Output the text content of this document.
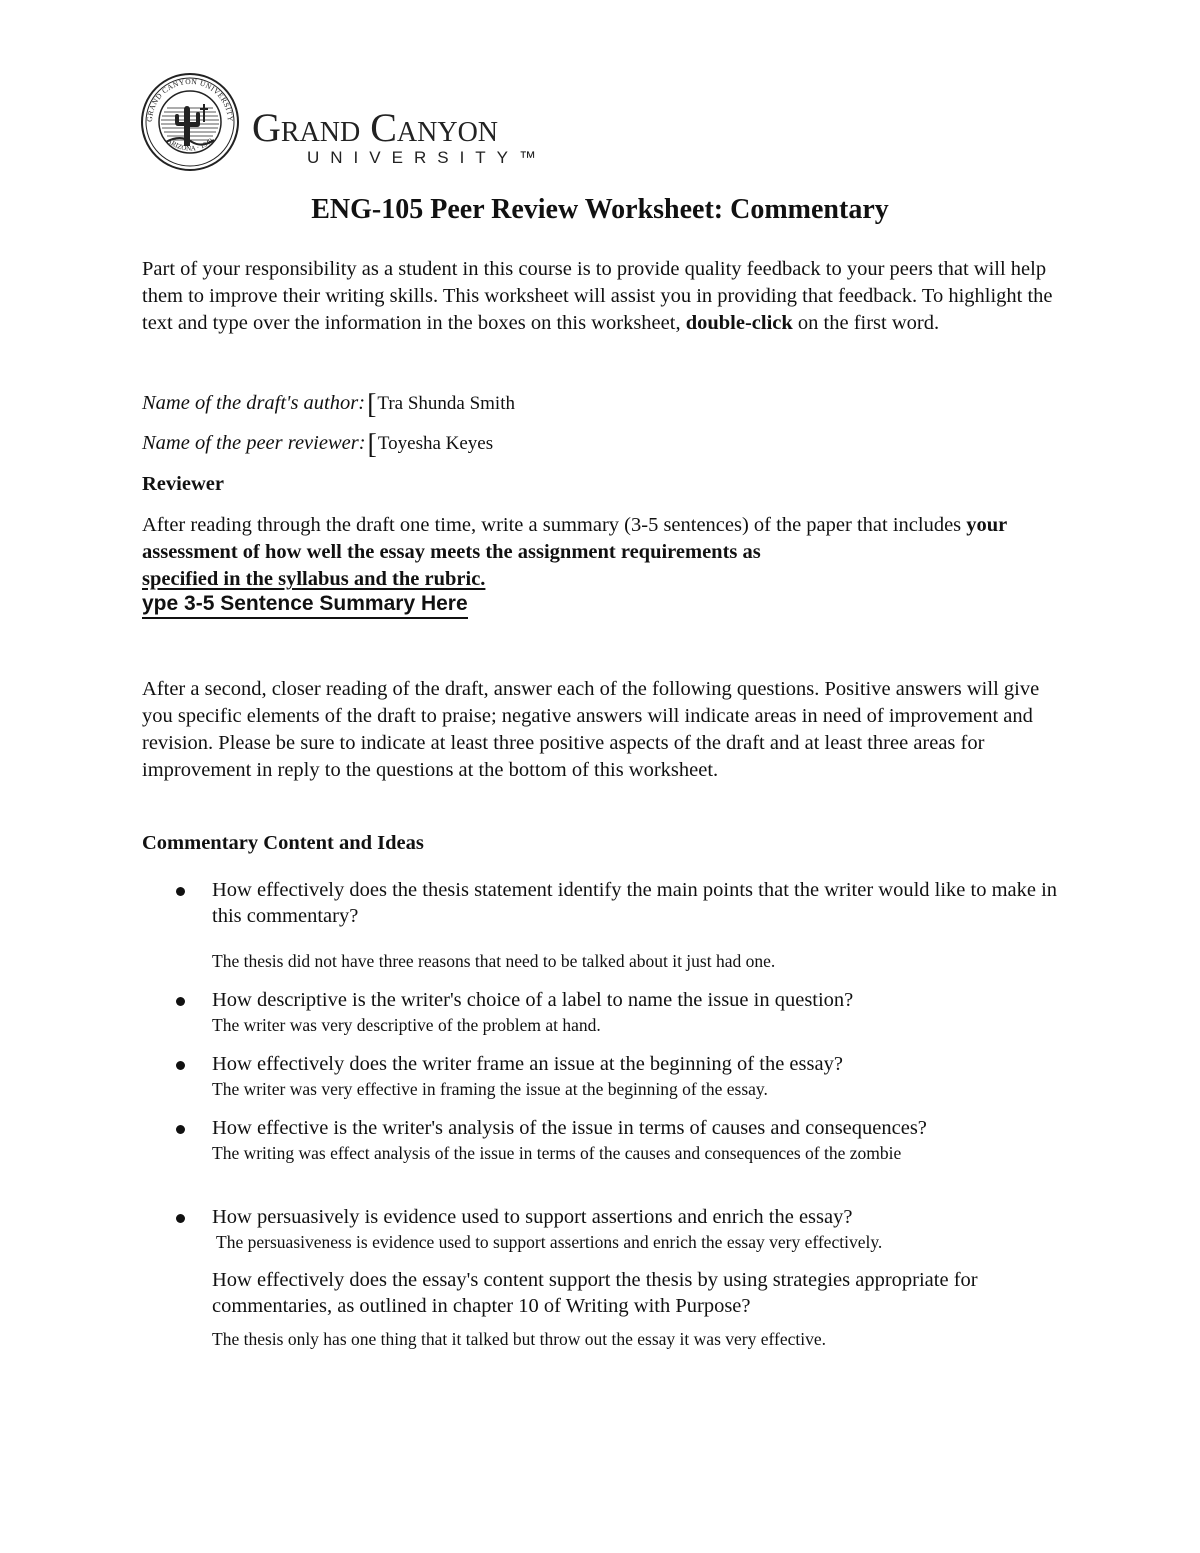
GRAND CANYON UNIVERSITY
ARIZONA · 1949 Grand Canyon
UNIVERSITY™
ENG-105 Peer Review Worksheet: Commentary

Part of your responsibility as a student in this course is to provide quality feedback to your peers that will help them to improve their writing skills. This worksheet will assist you in providing that feedback. To highlight the text and type over the information in the boxes on this worksheet, double-click on the first word.

Name of the draft's author:[Tra Shunda Smith
Name of the peer reviewer:[Toyesha Keyes
Reviewer

After reading through the draft one time, write a summary (3-5 sentences) of the paper that includes your assessment of how well the essay meets the assignment requirements as
specified in the syllabus and the rubric.

ype 3-5 Sentence Summary Here

After a second, closer reading of the draft, answer each of the following questions. Positive answers will give you specific elements of the draft to praise; negative answers will indicate areas in need of improvement and revision. Please be sure to indicate at least three positive aspects of the draft and at least three areas for improvement in reply to the questions at the bottom of this worksheet.

Commentary Content and Ideas
How effectively does the thesis statement identify the main points that the writer would like to make in this commentary?
The thesis did not have three reasons that need to be talked about it just had one.
How descriptive is the writer's choice of a label to name the issue in question?
The writer was very descriptive of the problem at hand.
How effectively does the writer frame an issue at the beginning of the essay?
The writer was very effective in framing the issue at the beginning of the essay.
How effective is the writer's analysis of the issue in terms of causes and consequences?
The writing was effect analysis of the issue in terms of the causes and consequences of the zombie
How persuasively is evidence used to support assertions and enrich the essay?
The persuasiveness is evidence used to support assertions and enrich the essay very effectively.
How effectively does the essay's content support the thesis by using strategies appropriate for commentaries, as outlined in chapter 10 of Writing with Purpose?
The thesis only has one thing that it talked but throw out the essay it was very effective.
